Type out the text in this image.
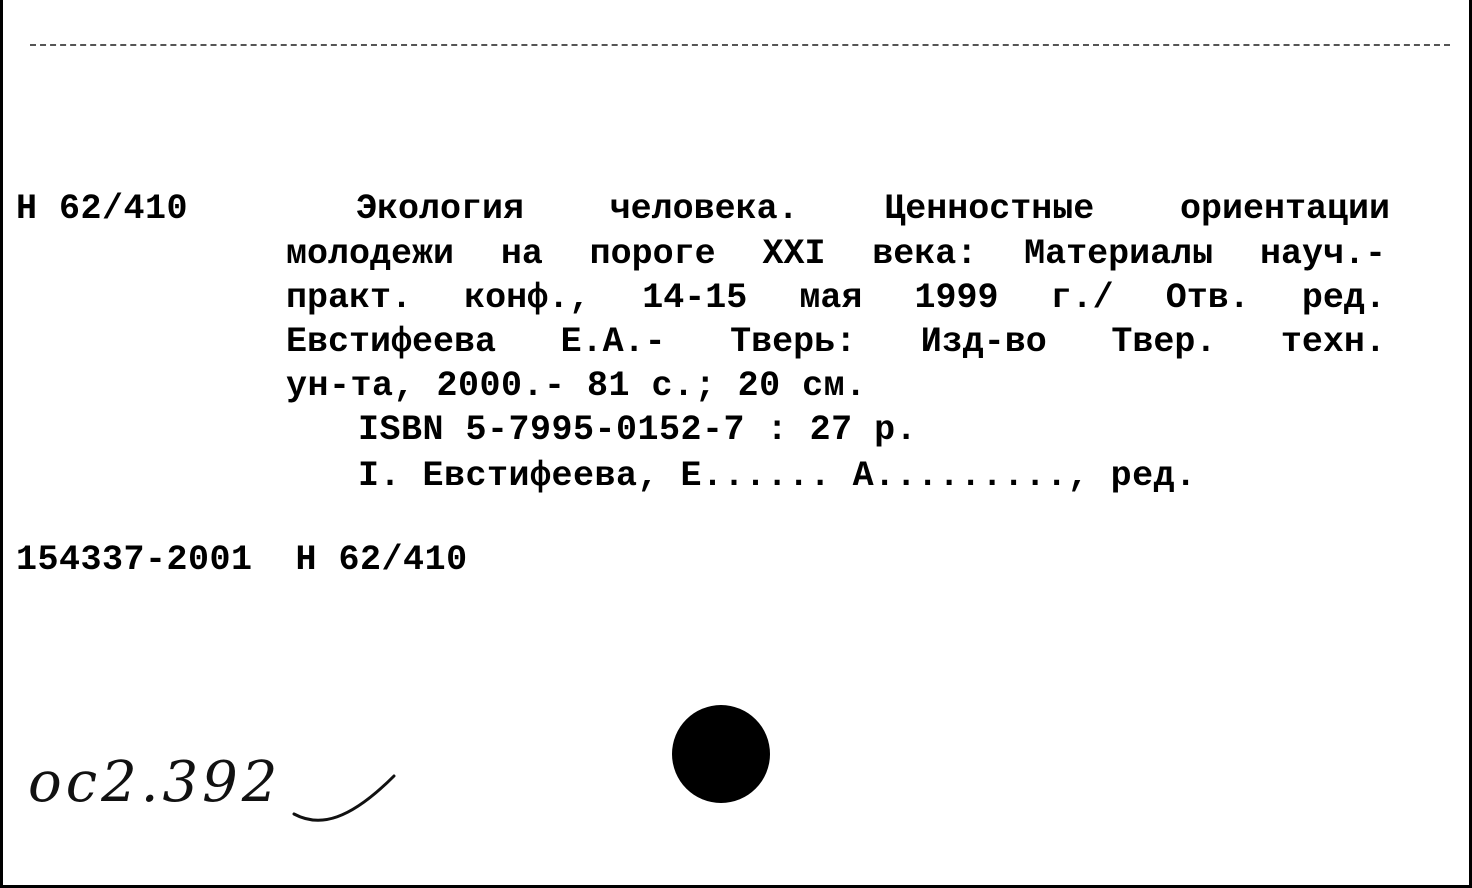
Н 62/410	Экология человека. Ценностные ориентации
молодежи на пороге XXI века: Материалы науч.-
практ. конф., 14-15 мая 1999 г./ Отв. ред.
Евстифеева Е.А.- Тверь: Изд-во Твер. техн.
ун-та, 2000.- 81 с.; 20 см.
ISBN 5-7995-0152-7 : 27 р.
I. Евстифеева, Е...... А........., ред.
154337-2001  Н 62/410
ос2.392
